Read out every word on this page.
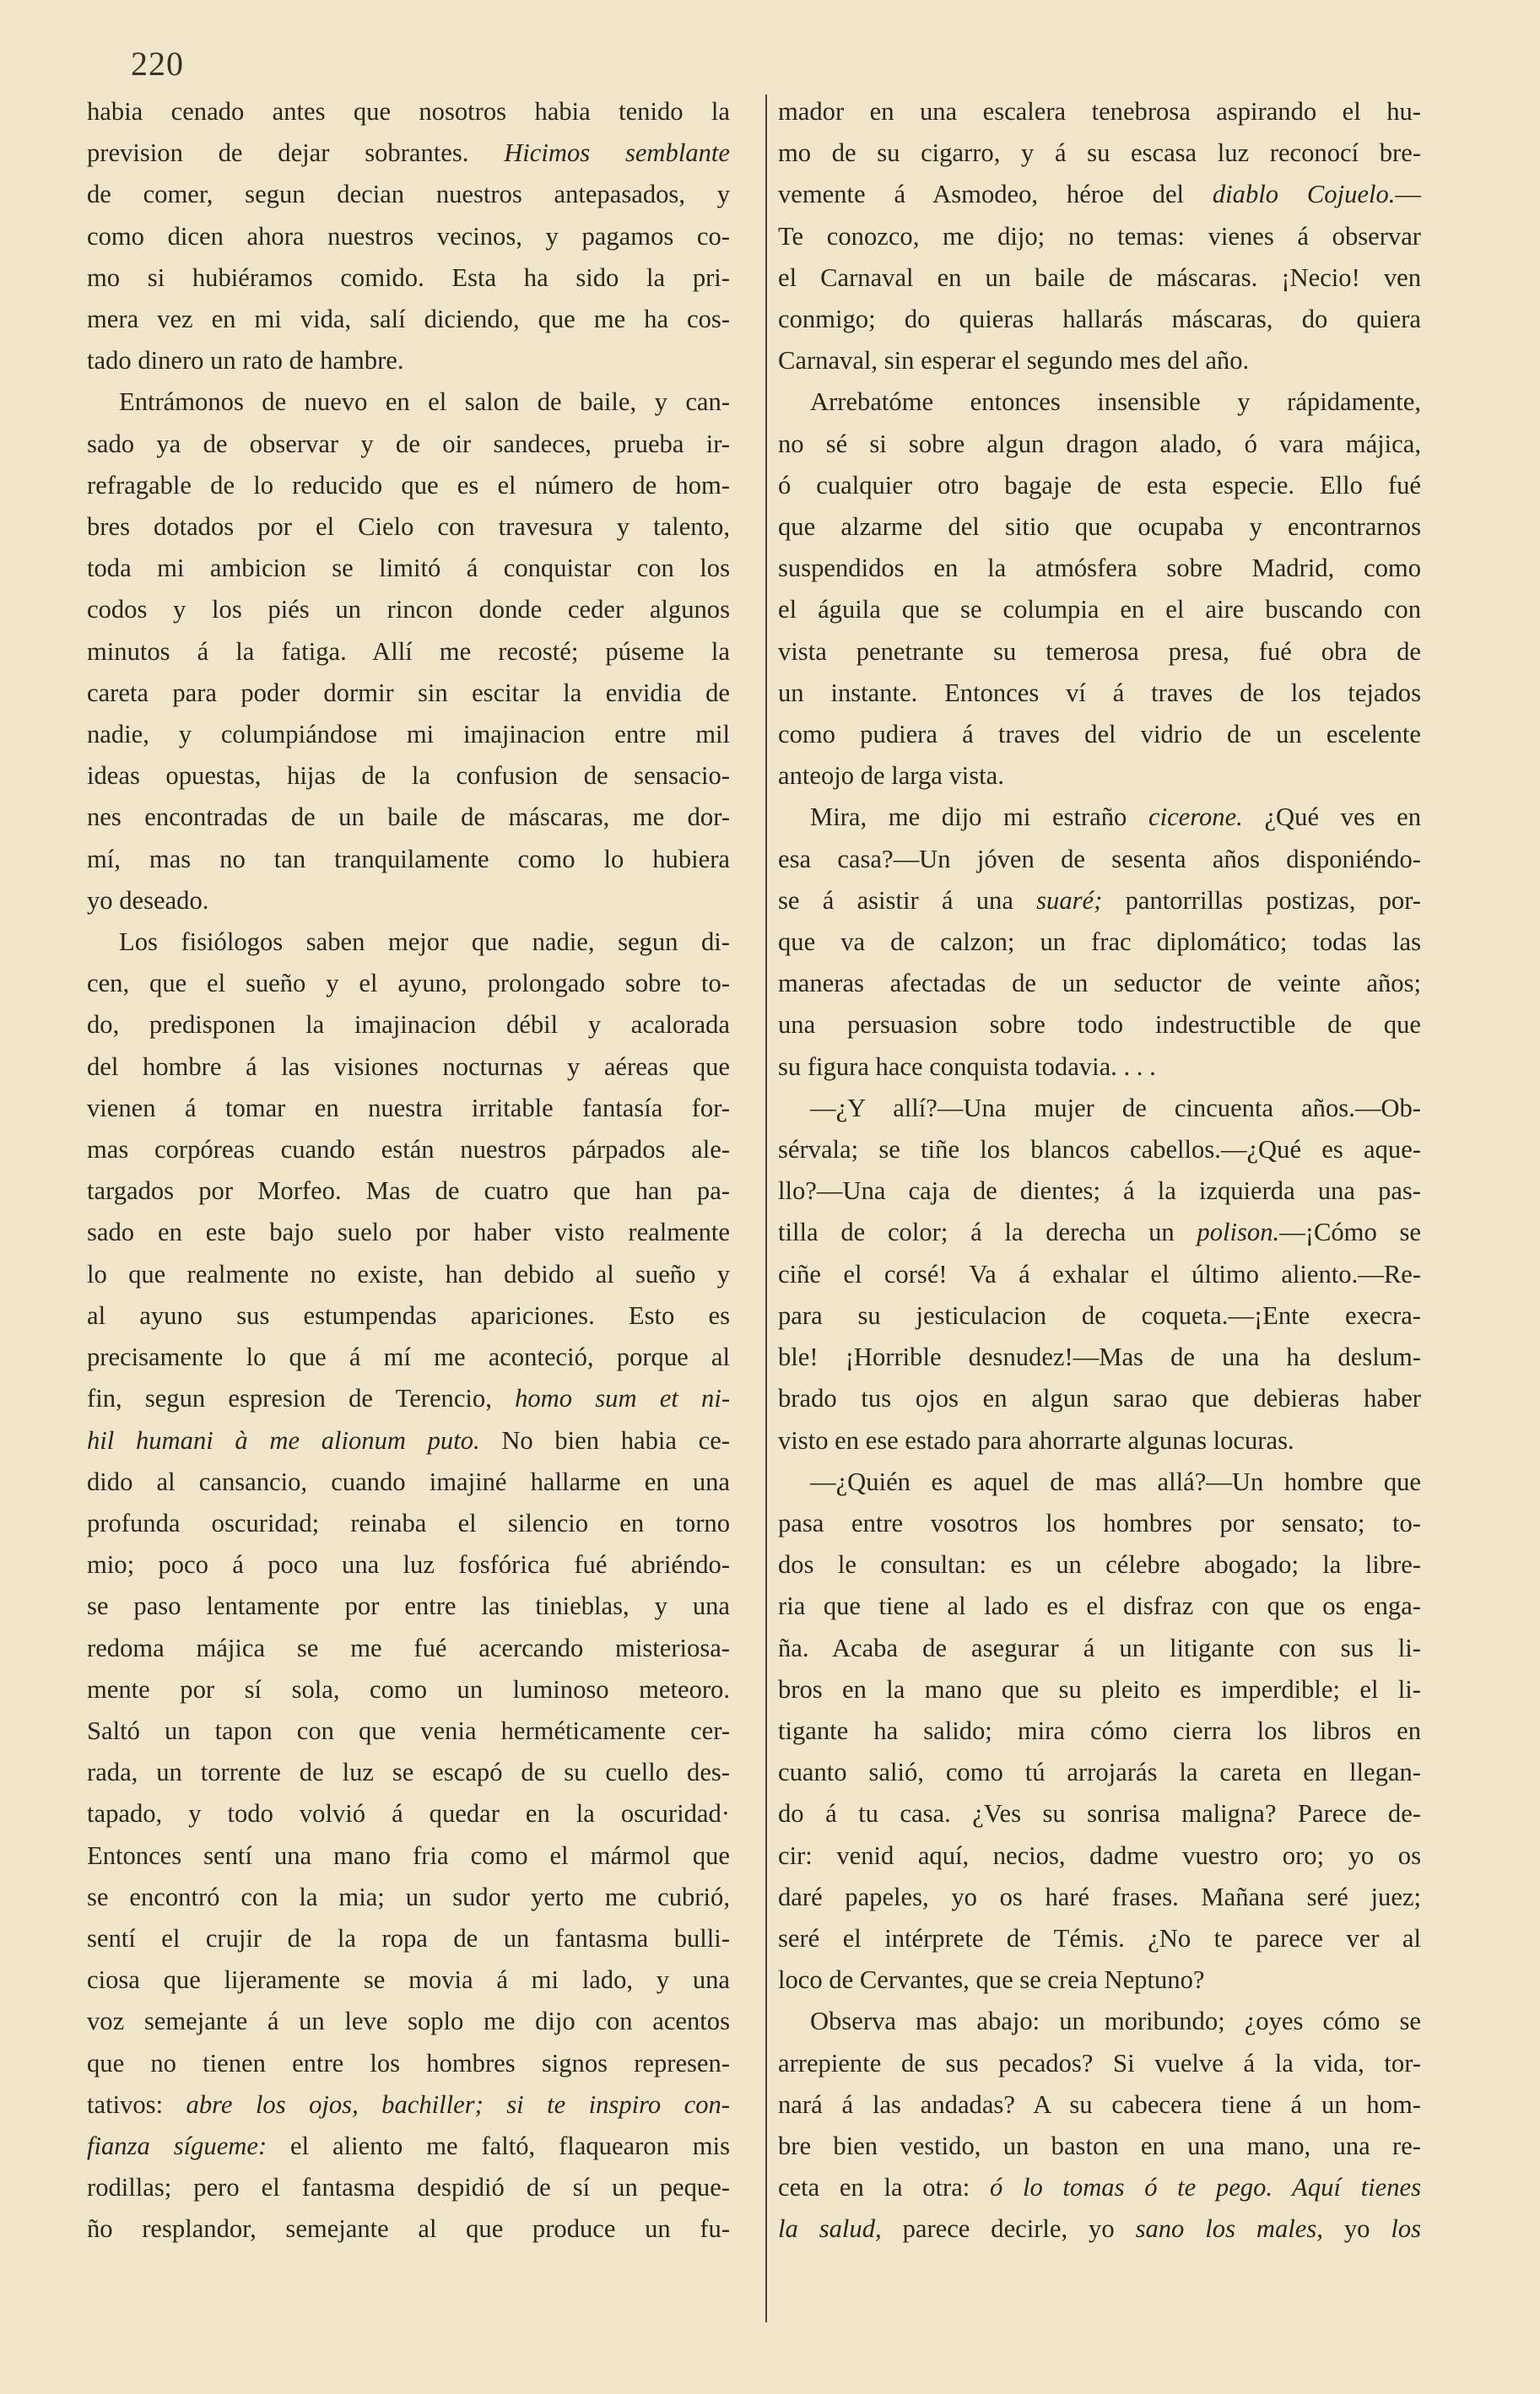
220
habia cenado antes que nosotros habia tenido la
prevision de dejar sobrantes. Hicimos semblante
de comer, segun decian nuestros antepasados, y
como dicen ahora nuestros vecinos, y pagamos co-
mo si hubiéramos comido. Esta ha sido la pri-
mera vez en mi vida, salí diciendo, que me ha cos-
tado dinero un rato de hambre.
Entrámonos de nuevo en el salon de baile, y can-
sado ya de observar y de oir sandeces, prueba ir-
refragable de lo reducido que es el número de hom-
bres dotados por el Cielo con travesura y talento,
toda mi ambicion se limitó á conquistar con los
codos y los piés un rincon donde ceder algunos
minutos á la fatiga. Allí me recosté; púseme la
careta para poder dormir sin escitar la envidia de
nadie, y columpiándose mi imajinacion entre mil
ideas opuestas, hijas de la confusion de sensacio-
nes encontradas de un baile de máscaras, me dor-
mí, mas no tan tranquilamente como lo hubiera
yo deseado.
Los fisiólogos saben mejor que nadie, segun di-
cen, que el sueño y el ayuno, prolongado sobre to-
do, predisponen la imajinacion débil y acalorada
del hombre á las visiones nocturnas y aéreas que
vienen á tomar en nuestra irritable fantasía for-
mas corpóreas cuando están nuestros párpados ale-
targados por Morfeo. Mas de cuatro que han pa-
sado en este bajo suelo por haber visto realmente
lo que realmente no existe, han debido al sueño y
al ayuno sus estumpendas apariciones. Esto es
precisamente lo que á mí me aconteció, porque al
fin, segun espresion de Terencio, homo sum et ni-
hil humani à me alionum puto. No bien habia ce-
dido al cansancio, cuando imajiné hallarme en una
profunda oscuridad; reinaba el silencio en torno
mio; poco á poco una luz fosfórica fué abriéndo-
se paso lentamente por entre las tinieblas, y una
redoma májica se me fué acercando misteriosa-
mente por sí sola, como un luminoso meteoro.
Saltó un tapon con que venia herméticamente cer-
rada, un torrente de luz se escapó de su cuello des-
tapado, y todo volvió á quedar en la oscuridad·
Entonces sentí una mano fria como el mármol que
se encontró con la mia; un sudor yerto me cubrió,
sentí el crujir de la ropa de un fantasma bulli-
ciosa que lijeramente se movia á mi lado, y una
voz semejante á un leve soplo me dijo con acentos
que no tienen entre los hombres signos represen-
tativos: abre los ojos, bachiller; si te inspiro con-
fianza sígueme: el aliento me faltó, flaquearon mis
rodillas; pero el fantasma despidió de sí un peque-
ño resplandor, semejante al que produce un fu-
mador en una escalera tenebrosa aspirando el hu-
mo de su cigarro, y á su escasa luz reconocí bre-
vemente á Asmodeo, héroe del diablo Cojuelo.—
Te conozco, me dijo; no temas: vienes á observar
el Carnaval en un baile de máscaras. ¡Necio! ven
conmigo; do quieras hallarás máscaras, do quiera
Carnaval, sin esperar el segundo mes del año.
Arrebatóme entonces insensible y rápidamente,
no sé si sobre algun dragon alado, ó vara májica,
ó cualquier otro bagaje de esta especie. Ello fué
que alzarme del sitio que ocupaba y encontrarnos
suspendidos en la atmósfera sobre Madrid, como
el águila que se columpia en el aire buscando con
vista penetrante su temerosa presa, fué obra de
un instante. Entonces ví á traves de los tejados
como pudiera á traves del vidrio de un escelente
anteojo de larga vista.
Mira, me dijo mi estraño cicerone. ¿Qué ves en
esa casa?—Un jóven de sesenta años disponiéndo-
se á asistir á una suaré; pantorrillas postizas, por-
que va de calzon; un frac diplomático; todas las
maneras afectadas de un seductor de veinte años;
una persuasion sobre todo indestructible de que
su figura hace conquista todavia. . . .
—¿Y allí?—Una mujer de cincuenta años.—Ob-
sérvala; se tiñe los blancos cabellos.—¿Qué es aque-
llo?—Una caja de dientes; á la izquierda una pas-
tilla de color; á la derecha un polison.—¡Cómo se
ciñe el corsé! Va á exhalar el último aliento.—Re-
para su jesticulacion de coqueta.—¡Ente execra-
ble! ¡Horrible desnudez!—Mas de una ha deslum-
brado tus ojos en algun sarao que debieras haber
visto en ese estado para ahorrarte algunas locuras.
—¿Quién es aquel de mas allá?—Un hombre que
pasa entre vosotros los hombres por sensato; to-
dos le consultan: es un célebre abogado; la libre-
ria que tiene al lado es el disfraz con que os enga-
ña. Acaba de asegurar á un litigante con sus li-
bros en la mano que su pleito es imperdible; el li-
tigante ha salido; mira cómo cierra los libros en
cuanto salió, como tú arrojarás la careta en llegan-
do á tu casa. ¿Ves su sonrisa maligna? Parece de-
cir: venid aquí, necios, dadme vuestro oro; yo os
daré papeles, yo os haré frases. Mañana seré juez;
seré el intérprete de Témis. ¿No te parece ver al
loco de Cervantes, que se creia Neptuno?
Observa mas abajo: un moribundo; ¿oyes cómo se
arrepiente de sus pecados? Si vuelve á la vida, tor-
nará á las andadas? A su cabecera tiene á un hom-
bre bien vestido, un baston en una mano, una re-
ceta en la otra: ó lo tomas ó te pego. Aquí tienes
la salud, parece decirle, yo sano los males, yo los
